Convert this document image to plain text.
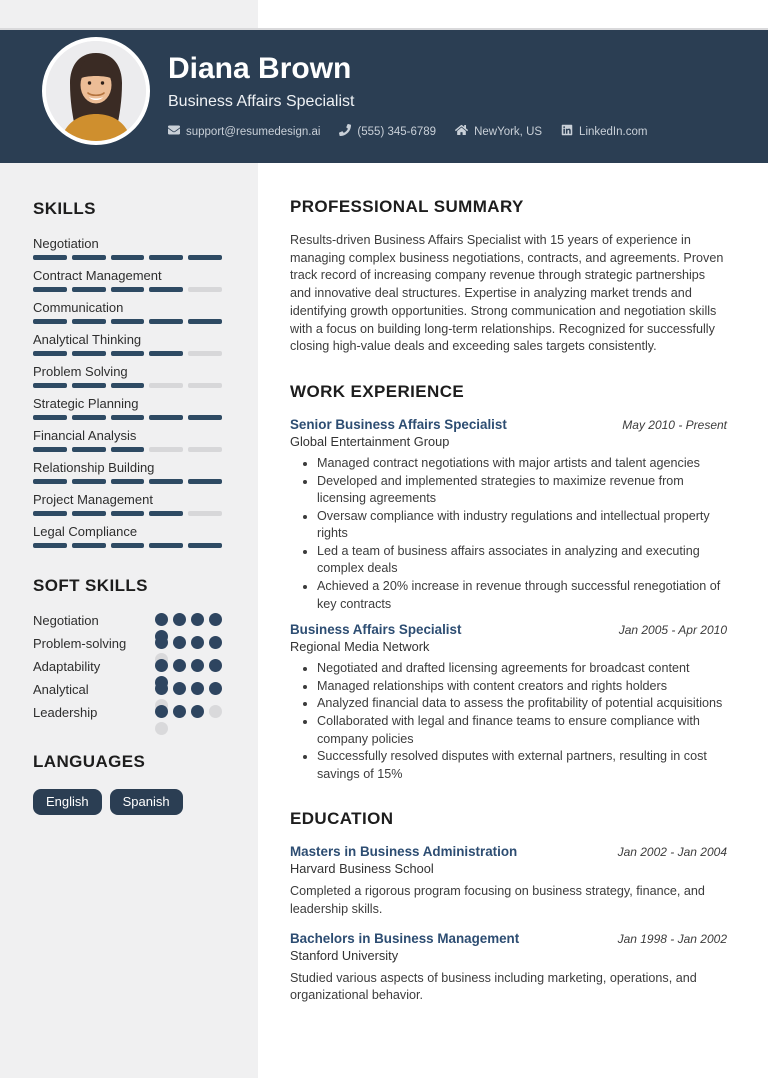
SKILLS
Negotiation
Contract Management
Communication
Analytical Thinking
Problem Solving
Strategic Planning
Financial Analysis
Relationship Building
Project Management
Legal Compliance
SOFT SKILLS
Negotiation
Problem-solving
Adaptability
Analytical
Leadership
LANGUAGES
English	Spanish
Diana Brown
Business Affairs Specialist
support@resumedesign.ai	(555) 345-6789	NewYork, US	LinkedIn.com
PROFESSIONAL SUMMARY

Results-driven Business Affairs Specialist with 15 years of experience in managing complex business negotiations, contracts, and agreements. Proven track record of increasing company revenue through strategic partnerships and innovative deal structures. Expertise in analyzing market trends and identifying growth opportunities. Strong communication and negotiation skills with a focus on building long-term relationships. Recognized for successfully closing high-value deals and exceeding sales targets consistently.

WORK EXPERIENCE
Senior Business Affairs Specialist	May 2010 - Present
Global Entertainment Group
• Managed contract negotiations with major artists and talent agencies
• Developed and implemented strategies to maximize revenue from licensing agreements
• Oversaw compliance with industry regulations and intellectual property rights
• Led a team of business affairs associates in analyzing and executing complex deals
• Achieved a 20% increase in revenue through successful renegotiation of key contracts
Business Affairs Specialist	Jan 2005 - Apr 2010
Regional Media Network
• Negotiated and drafted licensing agreements for broadcast content
• Managed relationships with content creators and rights holders
• Analyzed financial data to assess the profitability of potential acquisitions
• Collaborated with legal and finance teams to ensure compliance with company policies
• Successfully resolved disputes with external partners, resulting in cost savings of 15%
EDUCATION
Masters in Business Administration	Jan 2002 - Jan 2004
Harvard Business School

Completed a rigorous program focusing on business strategy, finance, and leadership skills.

Bachelors in Business Management	Jan 1998 - Jan 2002
Stanford University

Studied various aspects of business including marketing, operations, and organizational behavior.
